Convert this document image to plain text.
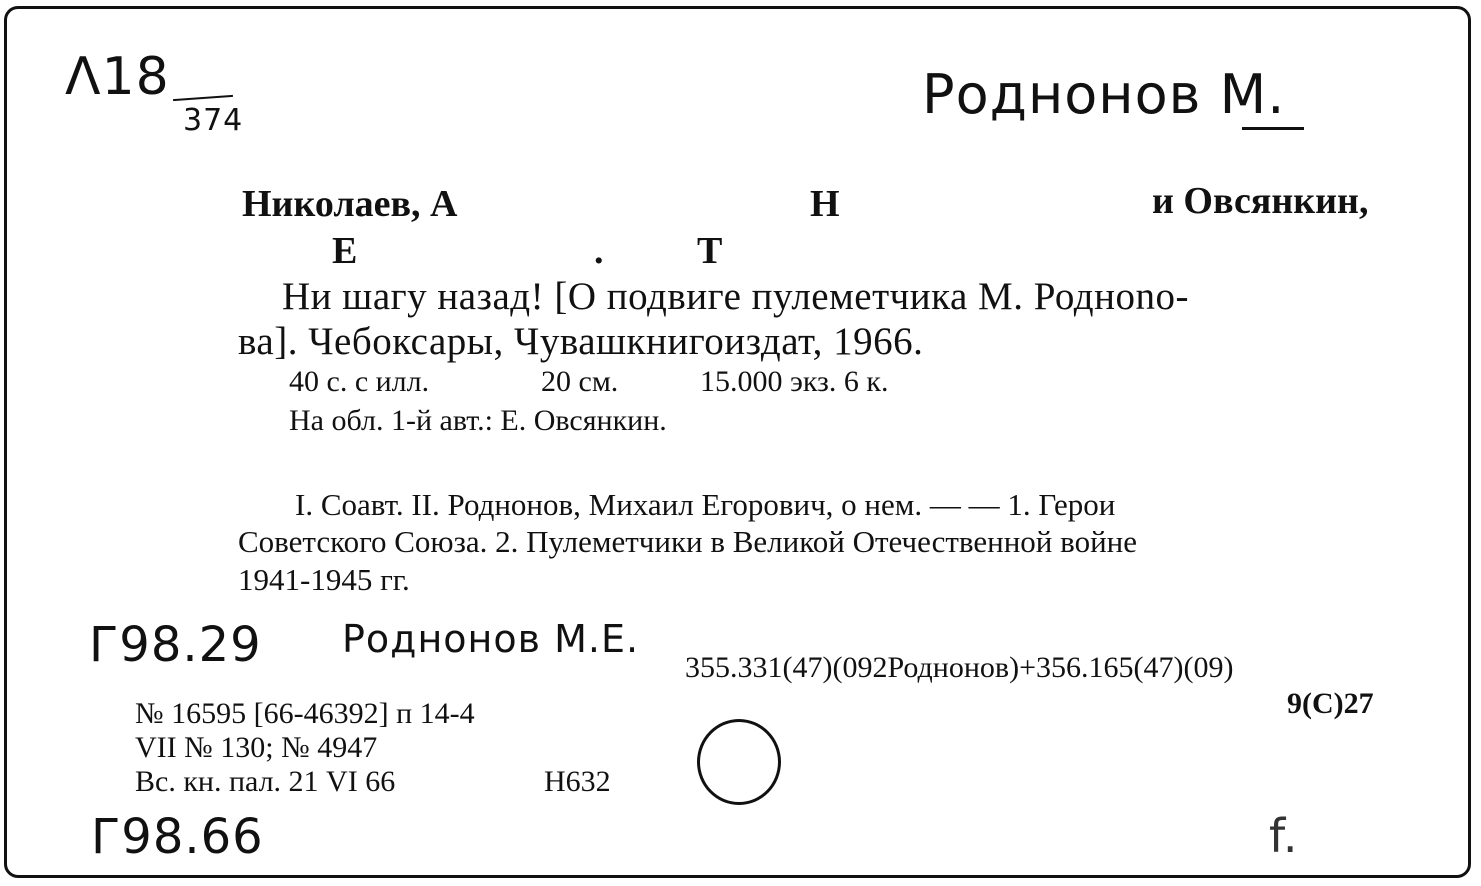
Λ18
374	Роднонов М.
Николаев, А	Н	и Овсянкин,
Е	. Т
Ни шагу назад! [О подвиге пулеметчика М. Роднono-
ва]. Чебоксары, Чувашкнигоиздат, 1966.
40 с. с илл.	20 см.	15.000 экз. 6 к.
На обл. 1-й авт.: Е. Овсянкин.
I. Соавт. II. Роднонов, Михаил Егорович, о нем. — — 1. Герои
Советского Союза. 2. Пулеметчики в Великой Отечественной войне
1941-1945 гг.
Г98.29 Роднонов М.Е.
355.331(47)(092Роднонов)+356.165(47)(09)
9(С)27
№ 16595 [66-46392] п 14-4
VII № 130; № 4947
Вс. кн. пал. 21 VI 66	Н632
Г98.66	f.
